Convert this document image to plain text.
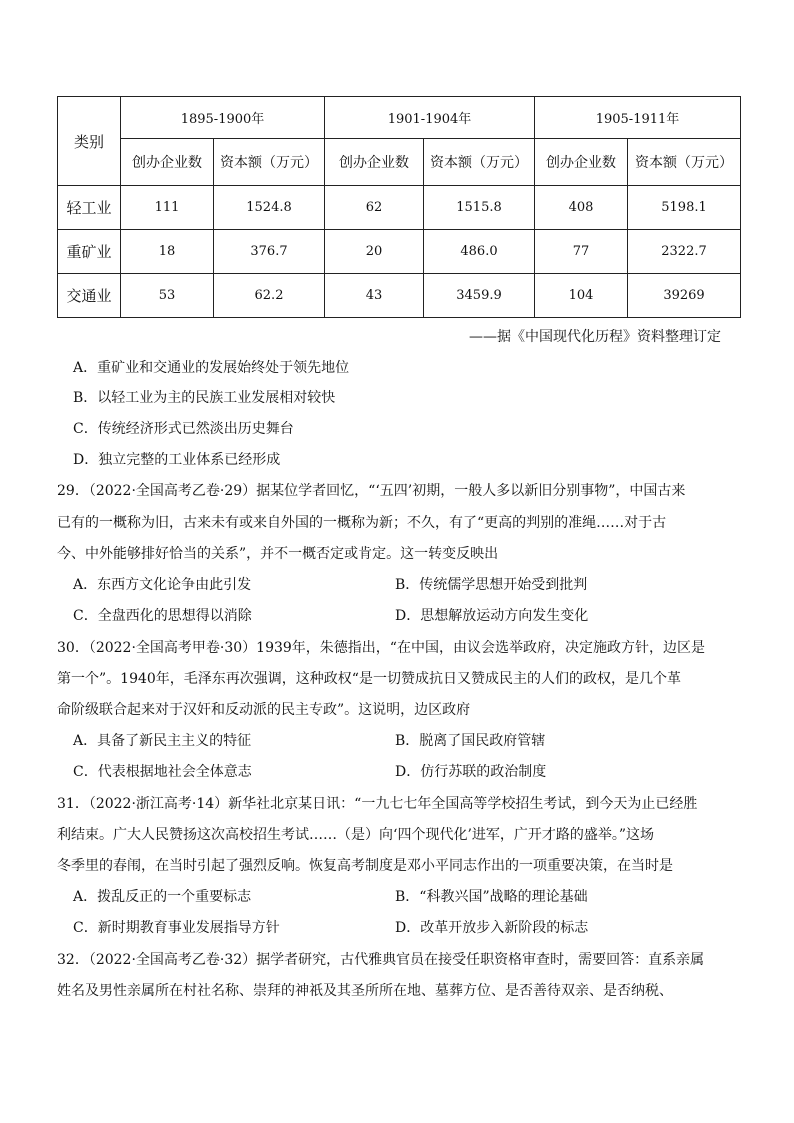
类别	1895-1900年		1901-1904年		1905-1911年	
	创办企业数	资本额（万元）	创办企业数	资本额（万元）	创办企业数	资本额（万元）
轻工业	111	1524.8	62	1515.8	408	5198.1
重矿业	18	376.7	20	486.0	77	2322.7
交通业	53	62.2	43	3459.9	104	39269
——据《中国现代化历程》资料整理订定
A．重矿业和交通业的发展始终处于领先地位
B．以轻工业为主的民族工业发展相对较快
C．传统经济形式已然淡出历史舞台
D．独立完整的工业体系已经形成
29．（2022·全国高考乙卷·29）据某位学者回忆，“‘五四’初期，一般人多以新旧分别事物”，中国古来
已有的一概称为旧，古来未有或来自外国的一概称为新；不久，有了“更高的判别的准绳……对于古
今、中外能够排好恰当的关系”，并不一概否定或肯定。这一转变反映出
A．东西方文化论争由此引发	B．传统儒学思想开始受到批判
C．全盘西化的思想得以消除	D．思想解放运动方向发生变化
30．（2022·全国高考甲卷·30）1939年，朱德指出，“在中国，由议会选举政府，决定施政方针，边区是
第一个”。1940年，毛泽东再次强调，这种政权“是一切赞成抗日又赞成民主的人们的政权，是几个革
命阶级联合起来对于汉奸和反动派的民主专政”。这说明，边区政府
A．具备了新民主主义的特征	B．脱离了国民政府管辖
C．代表根据地社会全体意志	D．仿行苏联的政治制度
31．（2022·浙江高考·14）新华社北京某日讯：“一九七七年全国高等学校招生考试，到今天为止已经胜
利结束。广大人民赞扬这次高校招生考试……（是）向‘四个现代化’进军，广开才路的盛举。”这场
冬季里的春闱，在当时引起了强烈反响。恢复高考制度是邓小平同志作出的一项重要决策，在当时是
A．拨乱反正的一个重要标志	B．“科教兴国”战略的理论基础
C．新时期教育事业发展指导方针	D．改革开放步入新阶段的标志
32．（2022·全国高考乙卷·32）据学者研究，古代雅典官员在接受任职资格审查时，需要回答：直系亲属
姓名及男性亲属所在村社名称、崇拜的神祇及其圣所所在地、墓葬方位、是否善待双亲、是否纳税、
